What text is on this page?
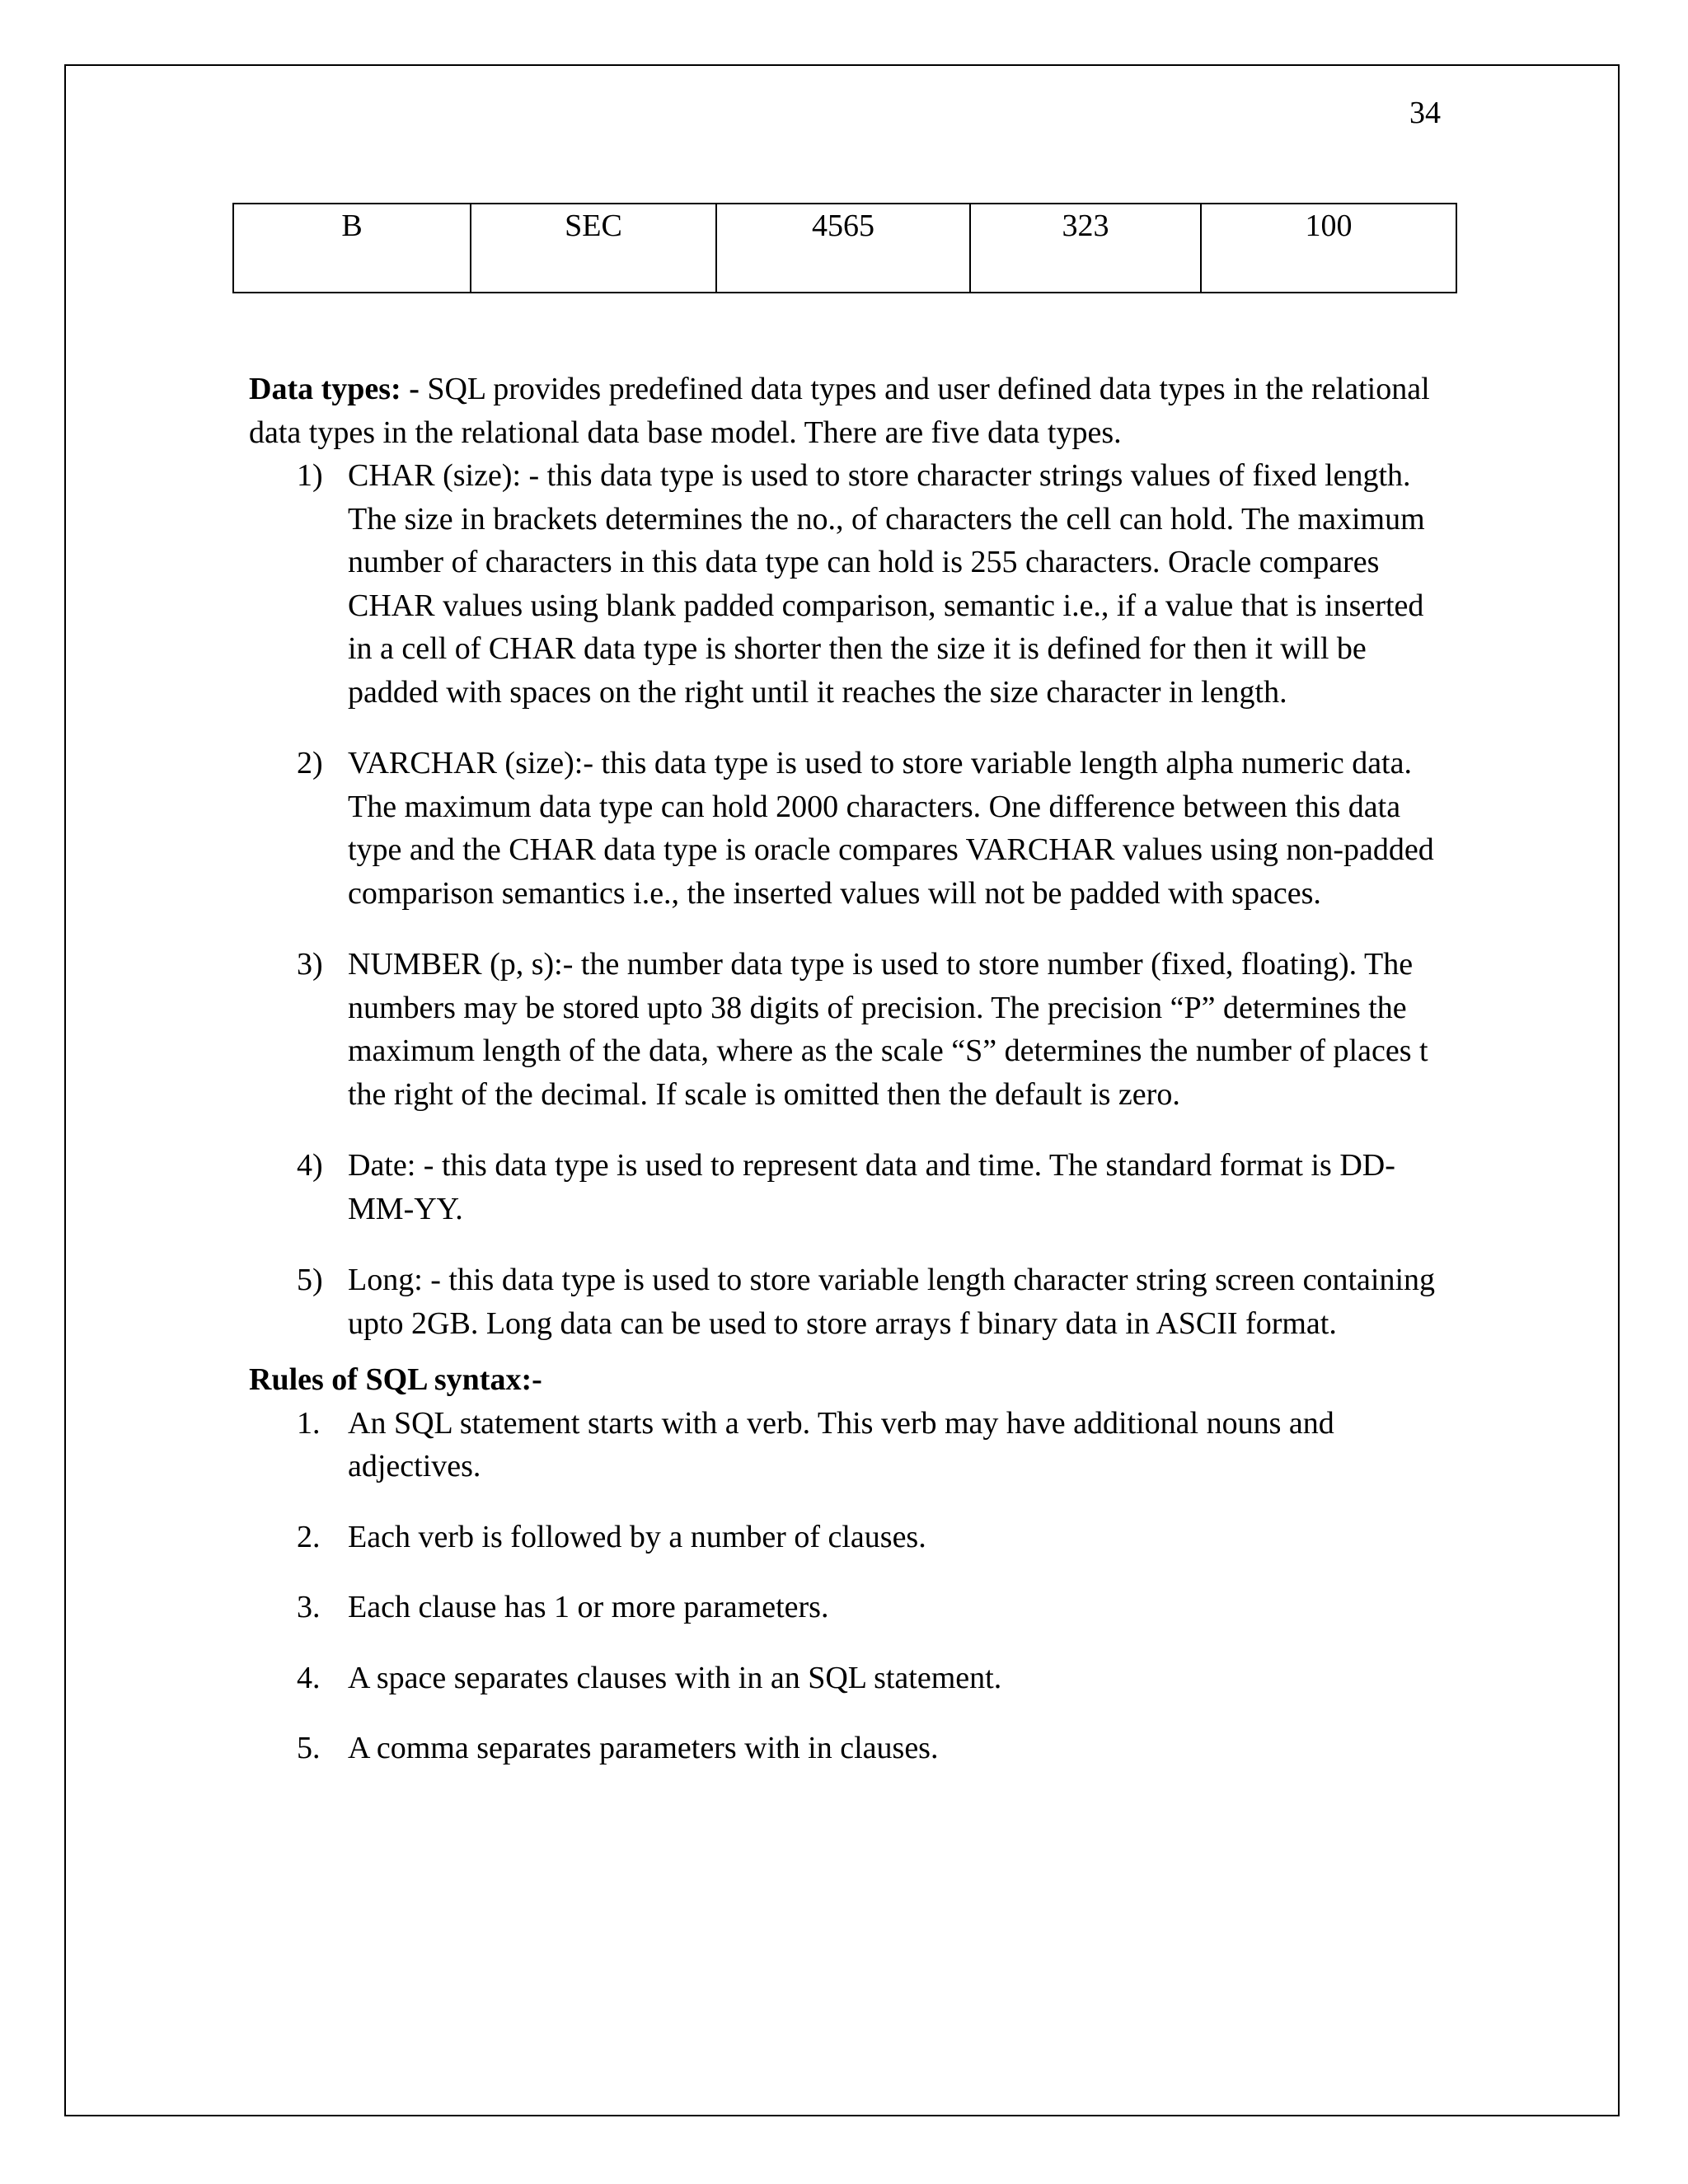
34
B	SEC	4565	323	100

Data types: - SQL provides predefined data types and user defined data types in the relational data types in the relational data base model. There are five data types.

1) CHAR (size): - this data type is used to store character strings values of fixed length. The size in brackets determines the no., of characters the cell can hold. The maximum number of characters in this data type can hold is 255 characters. Oracle compares CHAR values using blank padded comparison, semantic i.e., if a value that is inserted in a cell of CHAR data type is shorter then the size it is defined for then it will be padded with spaces on the right until it reaches the size character in length.
2) VARCHAR (size):- this data type is used to store variable length alpha numeric data. The maximum data type can hold 2000 characters. One difference between this data type and the CHAR data type is oracle compares VARCHAR values using non-padded comparison semantics i.e., the inserted values will not be padded with spaces.
3) NUMBER (p, s):- the number data type is used to store number (fixed, floating). The numbers may be stored upto 38 digits of precision. The precision “P” determines the maximum length of the data, where as the scale “S” determines the number of places t the right of the decimal. If scale is omitted then the default is zero.
4) Date: - this data type is used to represent data and time. The standard format is DD-MM-YY.
5) Long: - this data type is used to store variable length character string screen containing upto 2GB. Long data can be used to store arrays f binary data in ASCII format.

Rules of SQL syntax:-

1. An SQL statement starts with a verb. This verb may have additional nouns and adjectives.
2. Each verb is followed by a number of clauses.
3. Each clause has 1 or more parameters.
4. A space separates clauses with in an SQL statement.
5. A comma separates parameters with in clauses.
